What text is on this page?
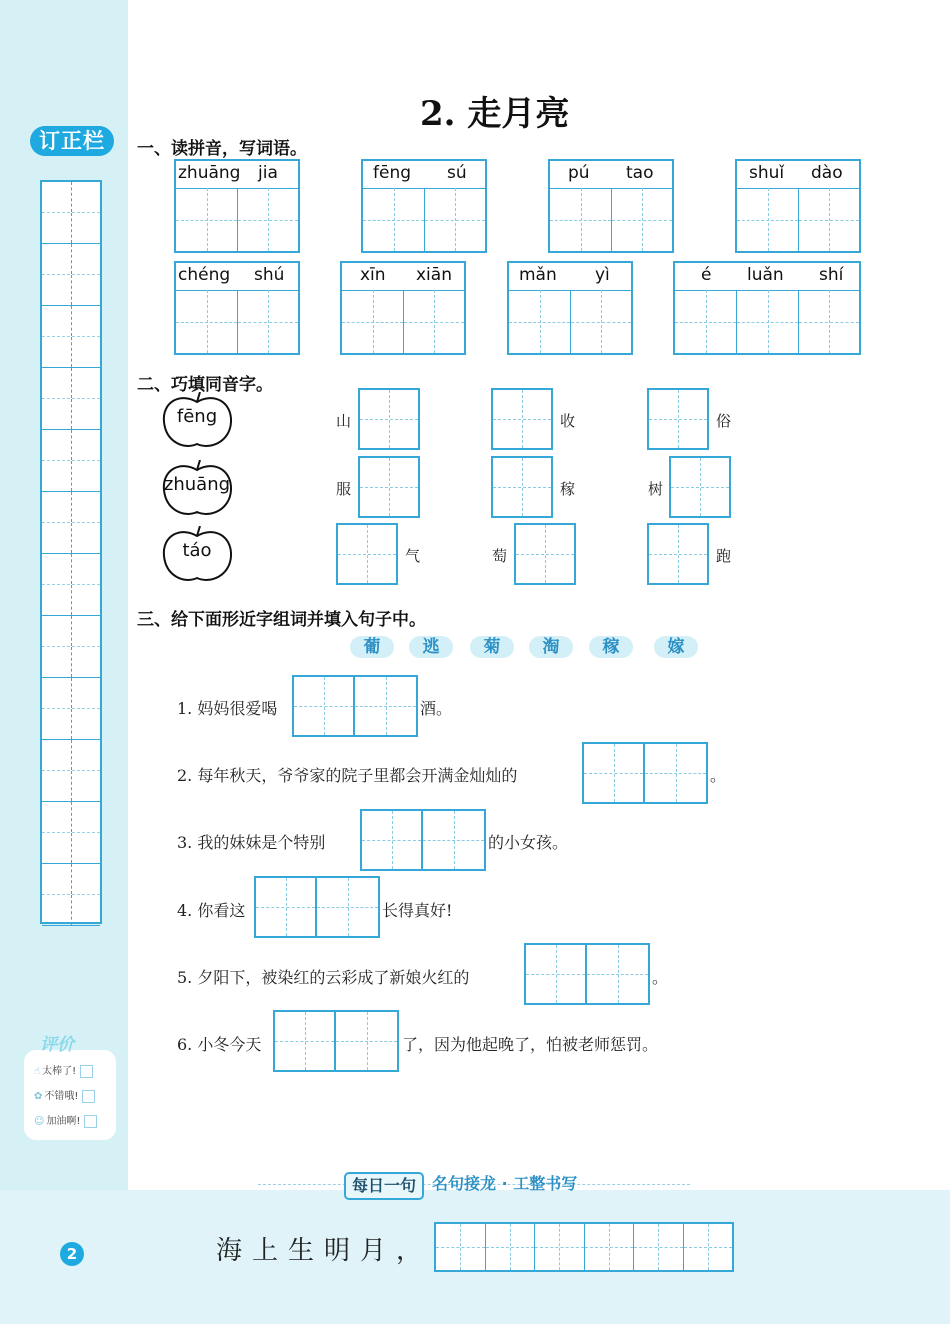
订正栏
评价
☝ 太棒了!
✿ 不错哦!
☺ 加油啊!
2. 走月亮
一、读拼音，写词语。
zhuāng jia	fēng sú	pú tao	shuǐ dào
chéng shú	xīn xiān	mǎn yì	é luǎn shí
二、巧填同音字。
fēng
zhuāng
táo
山	收	俗
服	稼	树
气	萄	跑
三、给下面形近字组词并填入句子中。
葡	逃	菊	淘	稼	嫁
1. 妈妈很爱喝	酒。
2. 每年秋天，爷爷家的院子里都会开满金灿灿的	。
3. 我的妹妹是个特别	的小女孩。
4. 你看这	长得真好!
5. 夕阳下，被染红的云彩成了新娘火红的	。
6. 小冬今天	了，因为他起晚了，怕被老师惩罚。
每日一句 名句接龙 · 工整书写
海上生明月，
2
